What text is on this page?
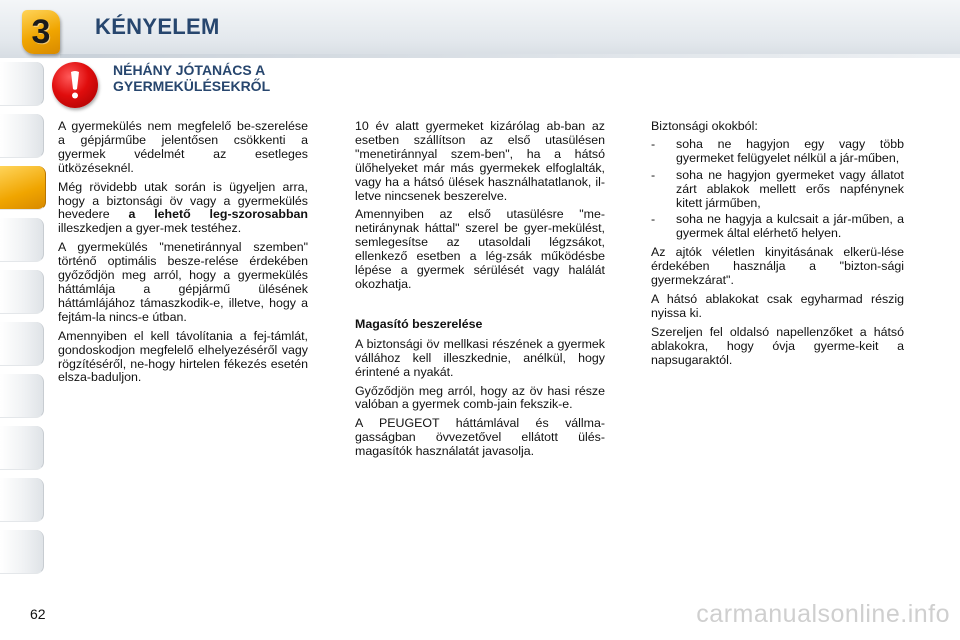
3 KÉNYELEM
NÉHÁNY JÓTANÁCS A
GYERMEKÜLÉSEKRŐL

A gyermekülés nem megfelelő be-szerelése a gépjárműbe jelentősen csökkenti a gyermek védelmét az esetleges ütközéseknél.

Még rövidebb utak során is ügyeljen arra, hogy a biztonsági öv vagy a gyermekülés hevedere a lehető leg-szorosabban illeszkedjen a gyer-mek testéhez.

A gyermekülés "menetiránnyal szemben" történő optimális besze-relése érdekében győződjön meg arról, hogy a gyermekülés háttámlája a gépjármű ülésének háttámlájához támaszkodik-e, illetve, hogy a fejtám-la nincs-e útban.

Amennyiben el kell távolítania a fej-támlát, gondoskodjon megfelelő elhelyezéséről vagy rögzítéséről, ne-hogy hirtelen fékezés esetén elsza-baduljon.

10 év alatt gyermeket kizárólag ab-ban az esetben szállítson az első utasülésen "menetiránnyal szem-ben", ha a hátsó ülőhelyeket már más gyermekek elfoglalták, vagy ha a hátsó ülések használhatatlanok, il-letve nincsenek beszerelve.

Amennyiben az első utasülésre "me-netiránynak háttal" szerel be gyer-mekülést, semlegesítse az utasoldali légzsákot, ellenkező esetben a lég-zsák működésbe lépése a gyermek sérülését vagy halálát okozhatja.

Magasító beszerelése

A biztonsági öv mellkasi részének a gyermek vállához kell illeszkednie, anélkül, hogy érintené a nyakát.

Győződjön meg arról, hogy az öv hasi része valóban a gyermek comb-jain fekszik-e.

A PEUGEOT háttámlával és vállma-gasságban övvezetővel ellátott ülés-magasítók használatát javasolja.

Biztonsági okokból:

- soha ne hagyjon egy vagy több gyermeket felügyelet nélkül a jár-műben,
- soha ne hagyjon gyermeket vagy állatot zárt ablakok mellett erős napfénynek kitett járműben,
- soha ne hagyja a kulcsait a jár-műben, a gyermek által elérhető helyen.

Az ajtók véletlen kinyitásának elkerü-lése érdekében használja a "bizton-sági gyermekzárat".

A hátsó ablakokat csak egyharmad részig nyissa ki.

Szereljen fel oldalsó napellenzőket a hátsó ablakokra, hogy óvja gyerme-keit a napsugaraktól.

62	carmanualsonline.info
